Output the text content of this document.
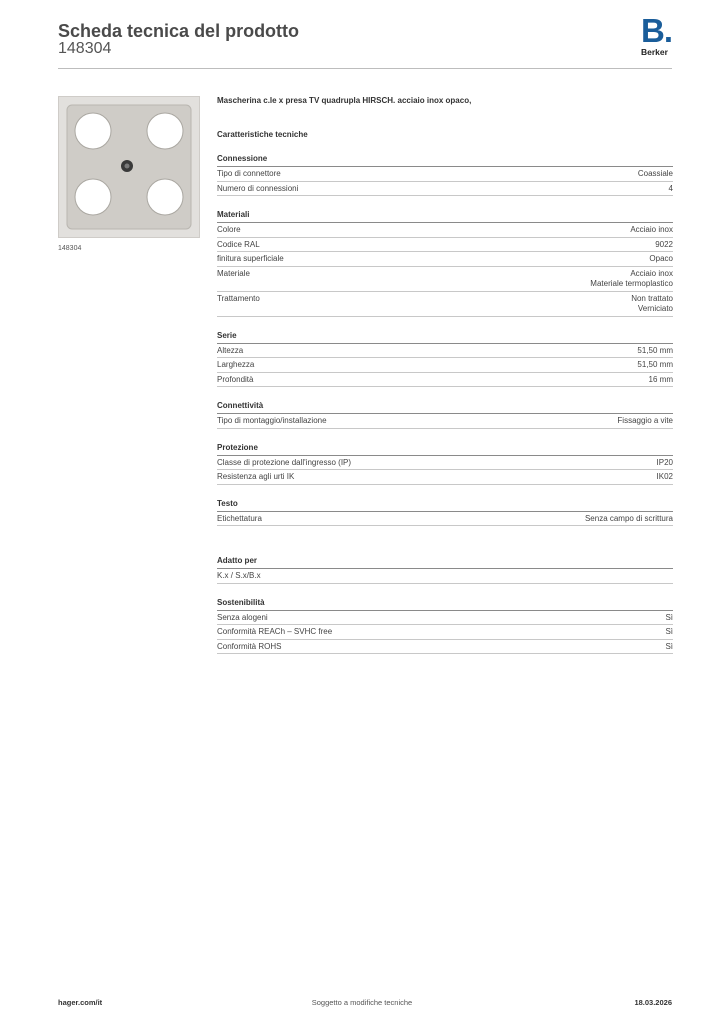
Scheda tecnica del prodotto
148304	B.
Berker
148304
Mascherina c.le x presa TV quadrupla HIRSCH. acciaio inox opaco,
Caratteristiche tecniche
Connessione
Tipo di connettore	Coassiale
Numero di connessioni	4
Materiali
Colore	Acciaio inox
Codice RAL	9022
finitura superficiale	Opaco
Materiale	Acciaio inox
Materiale termoplastico
Trattamento	Non trattato
Verniciato
Serie
Altezza	51,50 mm
Larghezza	51,50 mm
Profondità	16 mm
Connettività
Tipo di montaggio/installazione	Fissaggio a vite
Protezione
Classe di protezione dall'ingresso (IP)	IP20
Resistenza agli urti IK	IK02
Testo
Etichettatura	Senza campo di scrittura
Adatto per
K.x / S.x/B.x
Sostenibilità
Senza alogeni	Sì
Conformità REACh – SVHC free	Sì
Conformità ROHS	Sì
hager.com/it	Soggetto a modifiche tecniche	18.03.2026
